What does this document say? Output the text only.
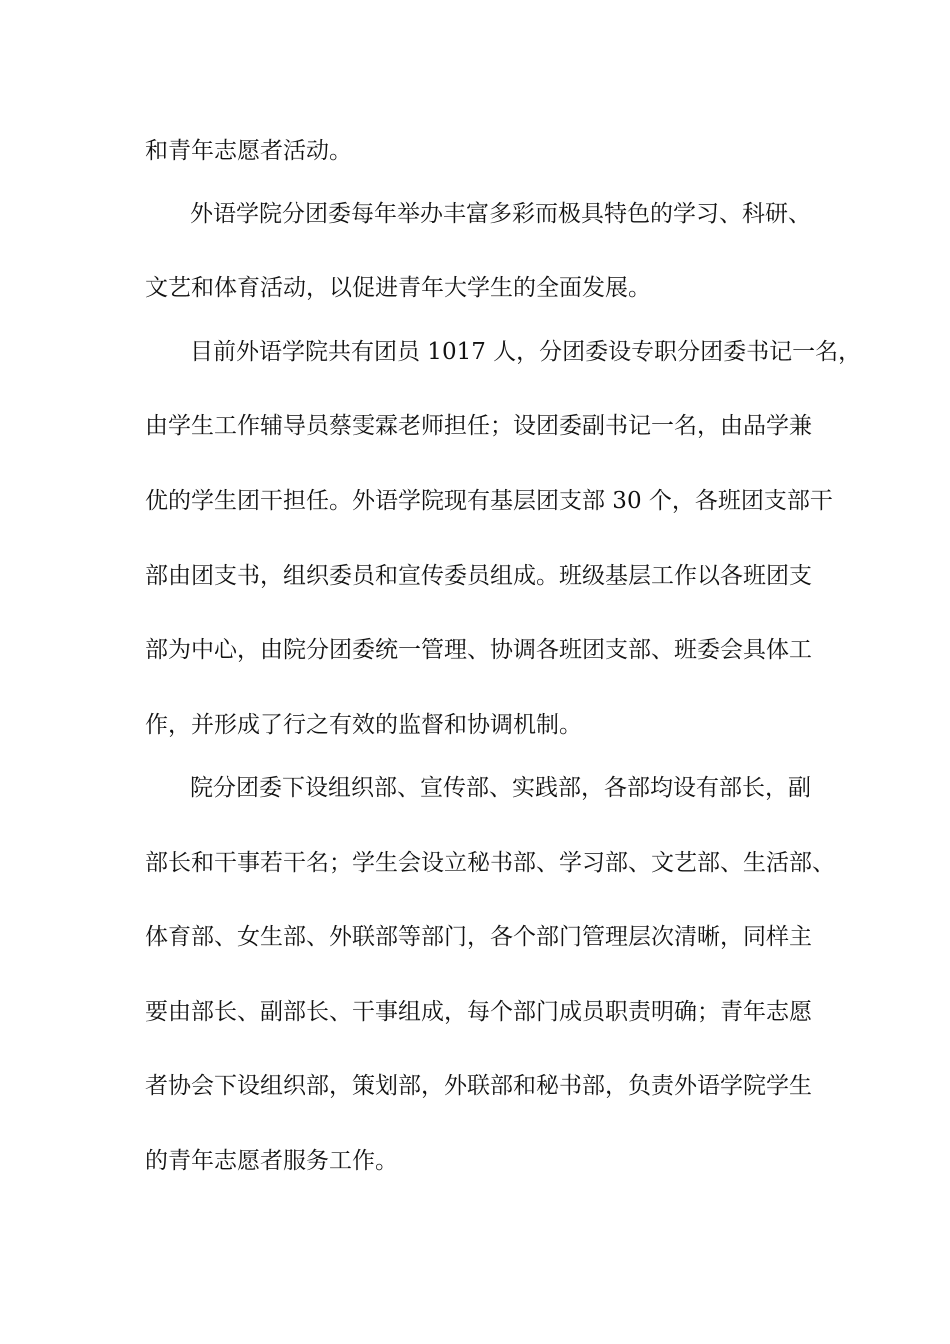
和青年志愿者活动。
外语学院分团委每年举办丰富多彩而极具特色的学习、科研、
文艺和体育活动，以促进青年大学生的全面发展。
目前外语学院共有团员 1017 人，分团委设专职分团委书记一名，
由学生工作辅导员蔡雯霖老师担任；设团委副书记一名，由品学兼
优的学生团干担任。外语学院现有基层团支部 30 个，各班团支部干
部由团支书，组织委员和宣传委员组成。班级基层工作以各班团支
部为中心，由院分团委统一管理、协调各班团支部、班委会具体工
作，并形成了行之有效的监督和协调机制。
院分团委下设组织部、宣传部、实践部，各部均设有部长，副
部长和干事若干名；学生会设立秘书部、学习部、文艺部、生活部、
体育部、女生部、外联部等部门，各个部门管理层次清晰，同样主
要由部长、副部长、干事组成，每个部门成员职责明确；青年志愿
者协会下设组织部，策划部，外联部和秘书部，负责外语学院学生
的青年志愿者服务工作。
